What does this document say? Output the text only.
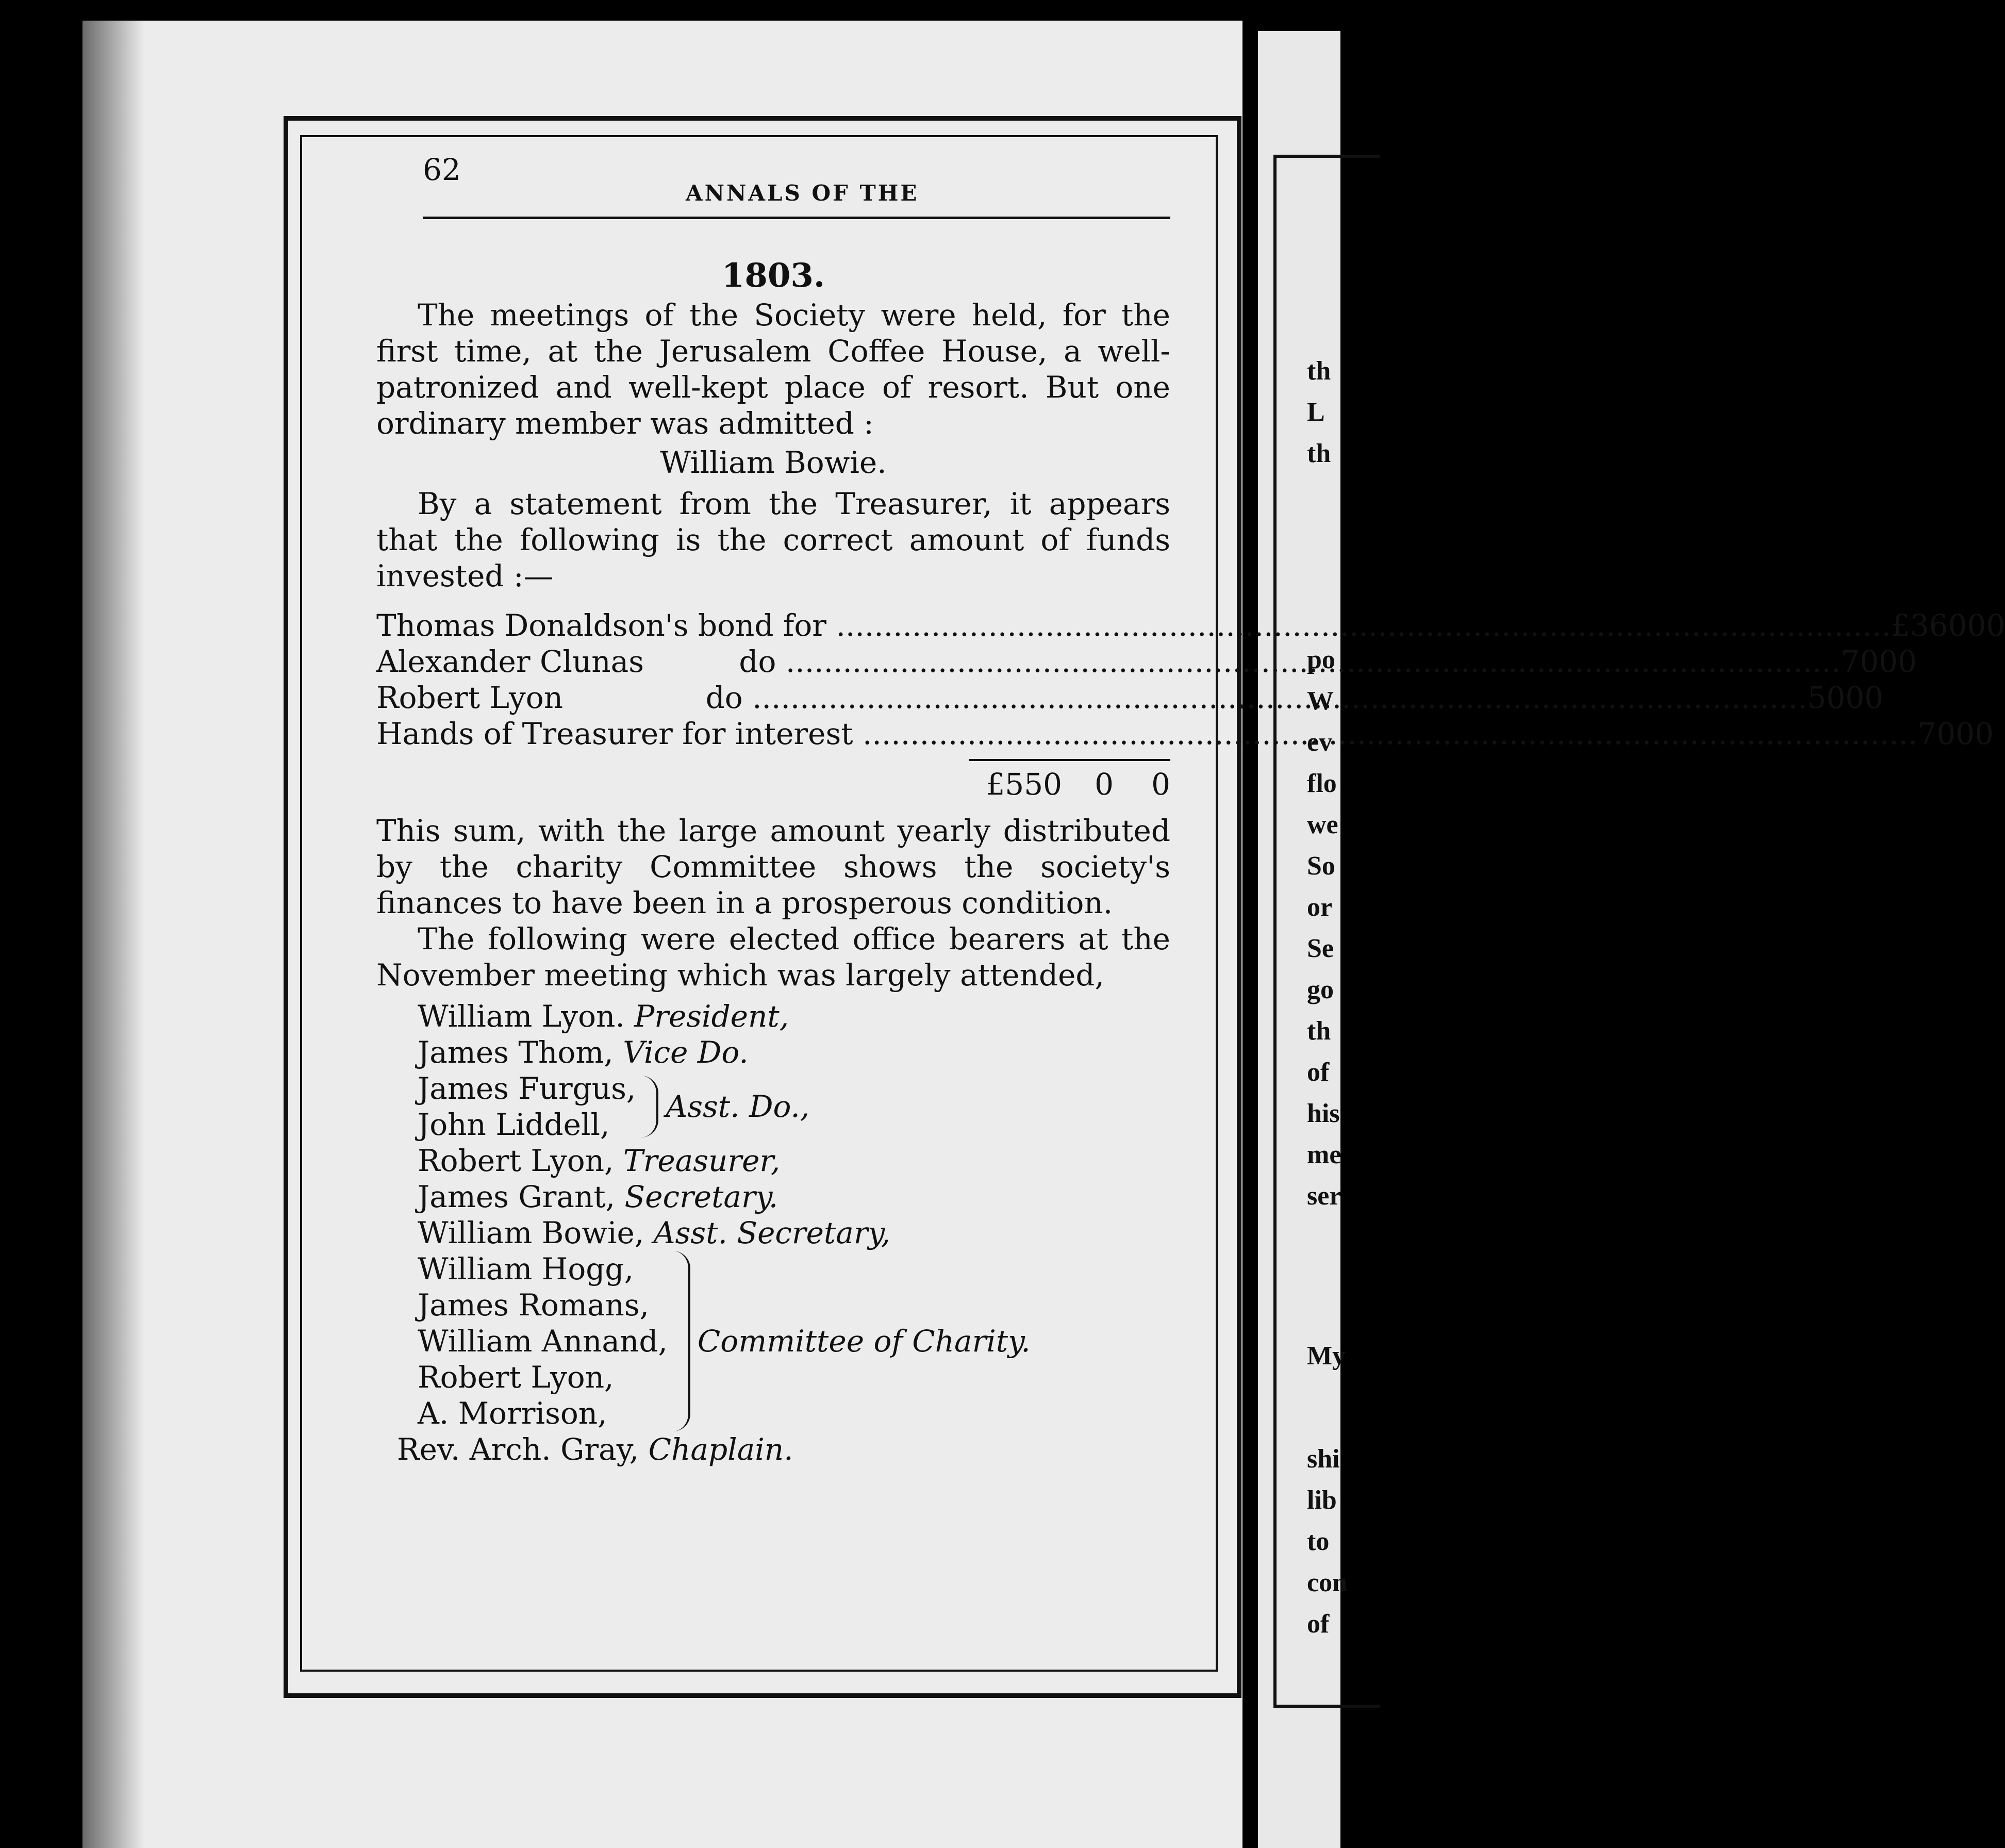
th
L
th
po
W
ev
flo
we
So
or
Se
go
th
of
his
me
ser
My
shi
lib
to
con
of
62
ANNALS OF THE
1803.

The meetings of the Society were held, for the first time, at the Jerusalem Coffee House, a well-patronized and well-kept place of resort. But one ordinary member was admitted :

William Bowie.

By a statement from the Treasurer, it appears that the following is the correct amount of funds invested :—

Thomas Donaldson's bond for .....	£360 0 0
Alexander Clunas          do .....	70 0 0
Robert Lyon               do .....	50 0 0
Hands of Treasurer for interest .....	70 0 0
£550	0	0

This sum, with the large amount yearly distributed by the charity Committee shows the society's finances to have been in a prosperous condition.

The following were elected office bearers at the November meeting which was largely attended,

William Lyon. President,
James Thom, Vice Do.
James Furgus,
John Liddell,
Asst. Do.,
Robert Lyon, Treasurer,
James Grant, Secretary.
William Bowie, Asst. Secretary,
William Hogg,
James Romans,
William Annand,
Robert Lyon,
A. Morrison,
Committee of Charity.
Rev. Arch. Gray, Chaplain.
